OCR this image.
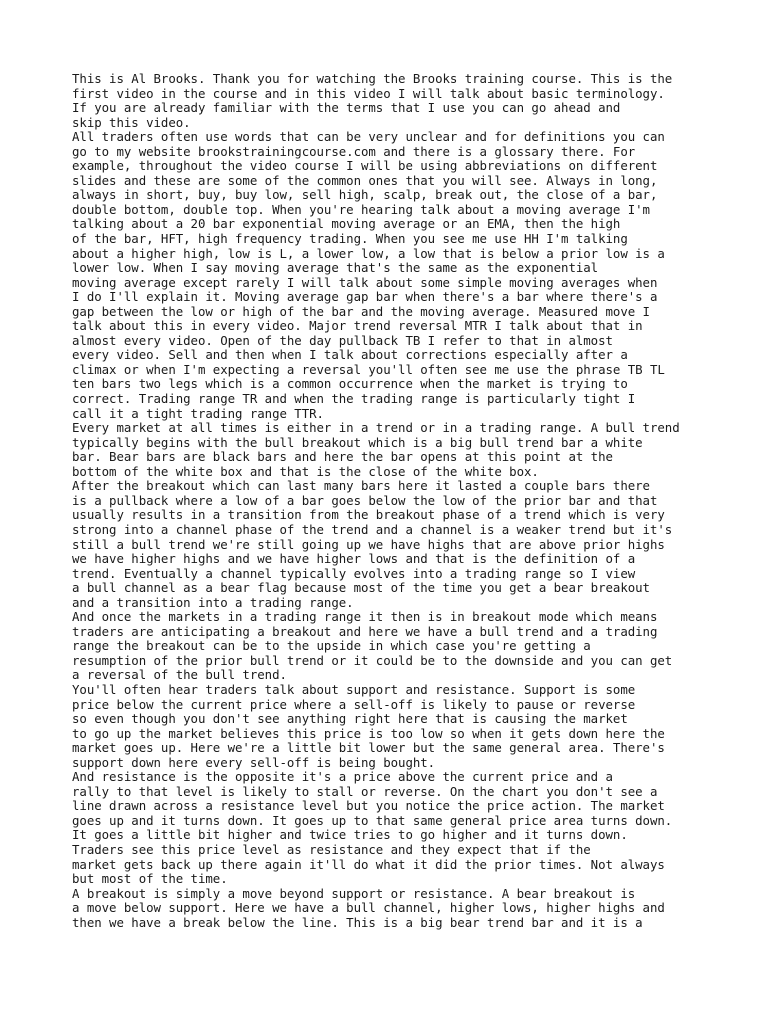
This is Al Brooks. Thank you for watching the Brooks training course. This is the
first video in the course and in this video I will talk about basic terminology.
If you are already familiar with the terms that I use you can go ahead and
skip this video.
All traders often use words that can be very unclear and for definitions you can
go to my website brookstrainingcourse.com and there is a glossary there. For
example, throughout the video course I will be using abbreviations on different
slides and these are some of the common ones that you will see. Always in long,
always in short, buy, buy low, sell high, scalp, break out, the close of a bar,
double bottom, double top. When you're hearing talk about a moving average I'm
talking about a 20 bar exponential moving average or an EMA, then the high
of the bar, HFT, high frequency trading. When you see me use HH I'm talking
about a higher high, low is L, a lower low, a low that is below a prior low is a
lower low. When I say moving average that's the same as the exponential
moving average except rarely I will talk about some simple moving averages when
I do I'll explain it. Moving average gap bar when there's a bar where there's a
gap between the low or high of the bar and the moving average. Measured move I
talk about this in every video. Major trend reversal MTR I talk about that in
almost every video. Open of the day pullback TB I refer to that in almost
every video. Sell and then when I talk about corrections especially after a
climax or when I'm expecting a reversal you'll often see me use the phrase TB TL
ten bars two legs which is a common occurrence when the market is trying to
correct. Trading range TR and when the trading range is particularly tight I
call it a tight trading range TTR.
Every market at all times is either in a trend or in a trading range. A bull trend
typically begins with the bull breakout which is a big bull trend bar a white
bar. Bear bars are black bars and here the bar opens at this point at the
bottom of the white box and that is the close of the white box.
After the breakout which can last many bars here it lasted a couple bars there
is a pullback where a low of a bar goes below the low of the prior bar and that
usually results in a transition from the breakout phase of a trend which is very
strong into a channel phase of the trend and a channel is a weaker trend but it's
still a bull trend we're still going up we have highs that are above prior highs
we have higher highs and we have higher lows and that is the definition of a
trend. Eventually a channel typically evolves into a trading range so I view
a bull channel as a bear flag because most of the time you get a bear breakout
and a transition into a trading range.
And once the markets in a trading range it then is in breakout mode which means
traders are anticipating a breakout and here we have a bull trend and a trading
range the breakout can be to the upside in which case you're getting a
resumption of the prior bull trend or it could be to the downside and you can get
a reversal of the bull trend.
You'll often hear traders talk about support and resistance. Support is some
price below the current price where a sell-off is likely to pause or reverse
so even though you don't see anything right here that is causing the market
to go up the market believes this price is too low so when it gets down here the
market goes up. Here we're a little bit lower but the same general area. There's
support down here every sell-off is being bought.
And resistance is the opposite it's a price above the current price and a
rally to that level is likely to stall or reverse. On the chart you don't see a
line drawn across a resistance level but you notice the price action. The market
goes up and it turns down. It goes up to that same general price area turns down.
It goes a little bit higher and twice tries to go higher and it turns down.
Traders see this price level as resistance and they expect that if the
market gets back up there again it'll do what it did the prior times. Not always
but most of the time.
A breakout is simply a move beyond support or resistance. A bear breakout is
a move below support. Here we have a bull channel, higher lows, higher highs and
then we have a break below the line. This is a big bear trend bar and it is a
